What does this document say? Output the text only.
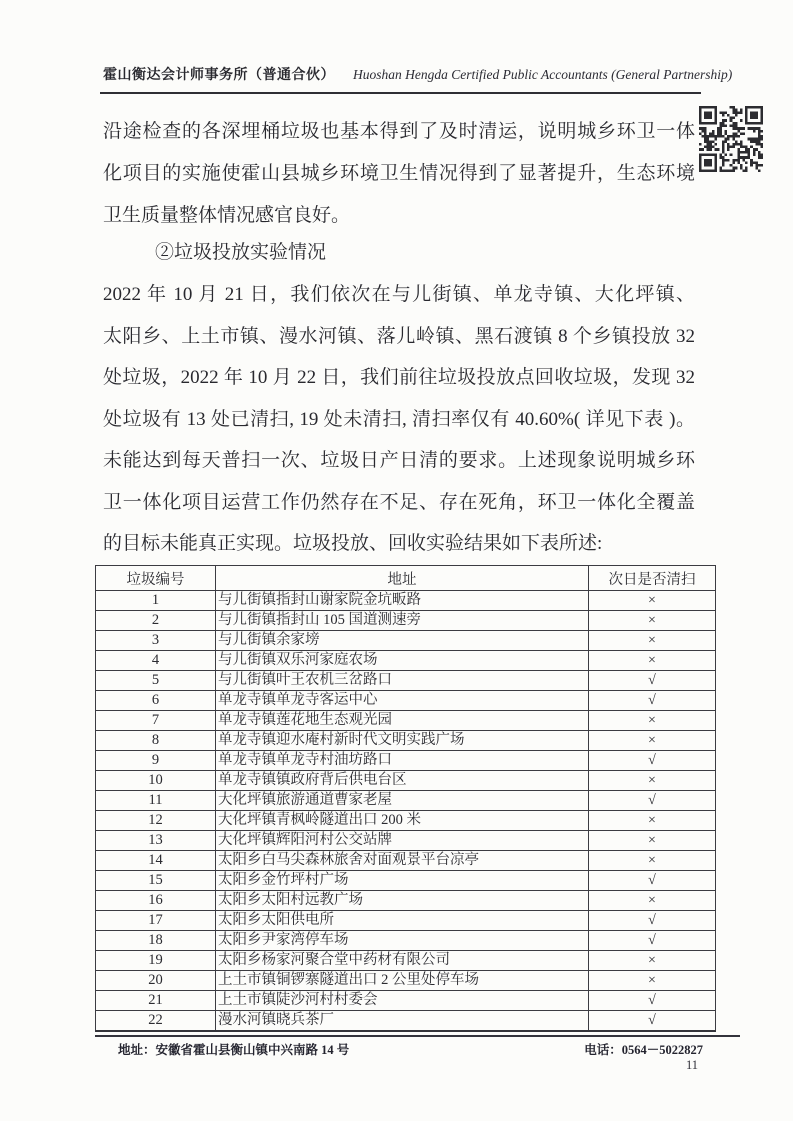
霍山衡达会计师事务所（普通合伙） Huoshan Hengda Certified Public Accountants (General Partnership)
沿途检查的各深埋桶垃圾也基本得到了及时清运，说明城乡环卫一体
化项目的实施使霍山县城乡环境卫生情况得到了显著提升，生态环境
卫生质量整体情况感官良好。
②垃圾投放实验情况
2022 年 10 月 21 日，我们依次在与儿街镇、单龙寺镇、大化坪镇、
太阳乡、上土市镇、漫水河镇、落儿岭镇、黑石渡镇 8 个乡镇投放 32
处垃圾，2022 年 10 月 22 日，我们前往垃圾投放点回收垃圾，发现 32
处垃圾有 13 处已清扫, 19 处未清扫, 清扫率仅有 40.60%( 详见下表 )。
未能达到每天普扫一次、垃圾日产日清的要求。上述现象说明城乡环
卫一体化项目运营工作仍然存在不足、存在死角，环卫一体化全覆盖
的目标未能真正实现。垃圾投放、回收实验结果如下表所述:
垃圾编号	地址	次日是否清扫
1	与儿街镇指封山谢家院金坑畈路	×
2	与儿街镇指封山 105 国道测速旁	×
3	与儿街镇余家塝	×
4	与儿街镇双乐河家庭农场	×
5	与儿街镇叶王农机三岔路口	√
6	单龙寺镇单龙寺客运中心	√
7	单龙寺镇莲花地生态观光园	×
8	单龙寺镇迎水庵村新时代文明实践广场	×
9	单龙寺镇单龙寺村油坊路口	√
10	单龙寺镇镇政府背后供电台区	×
11	大化坪镇旅游通道曹家老屋	√
12	大化坪镇青枫岭隧道出口 200 米	×
13	大化坪镇辉阳河村公交站牌	×
14	太阳乡白马尖森林旅舍对面观景平台凉亭	×
15	太阳乡金竹坪村广场	√
16	太阳乡太阳村远教广场	×
17	太阳乡太阳供电所	√
18	太阳乡尹家湾停车场	√
19	太阳乡杨家河聚合堂中药材有限公司	×
20	上土市镇铜锣寨隧道出口 2 公里处停车场	×
21	上土市镇陡沙河村村委会	√
22	漫水河镇晓兵茶厂	√
地址：安徽省霍山县衡山镇中兴南路 14 号	电话：0564－5022827
11
